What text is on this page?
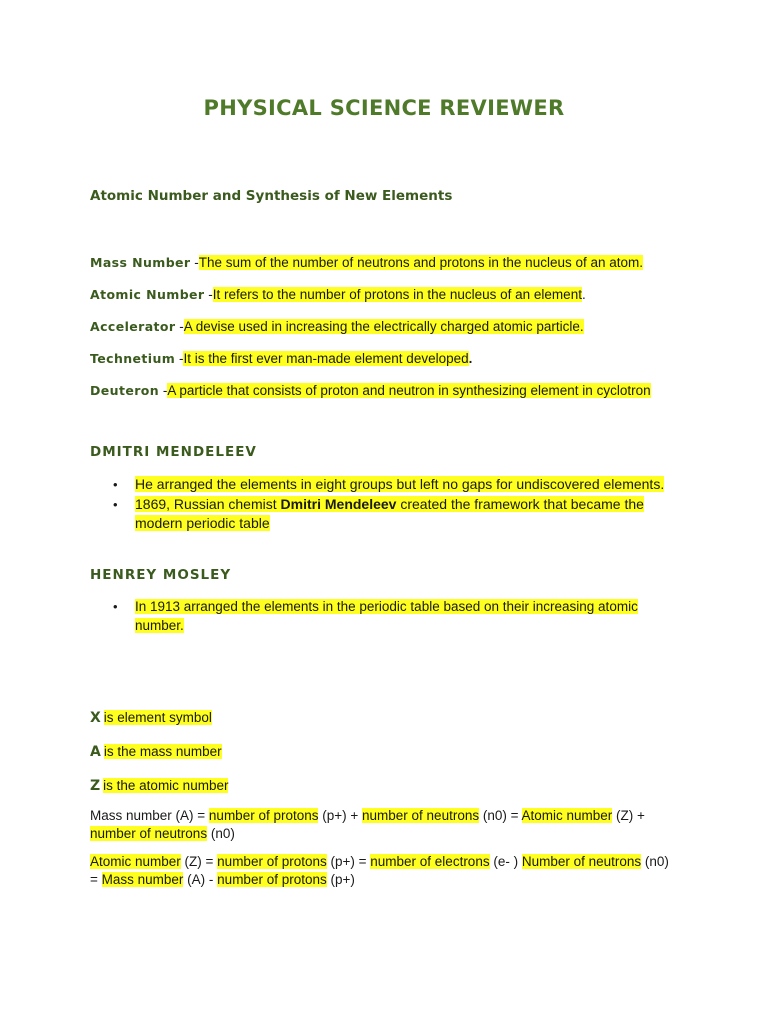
PHYSICAL SCIENCE REVIEWER
Atomic Number and Synthesis of New Elements

Mass Number -The sum of the number of neutrons and protons in the nucleus of an atom.

Atomic Number -It refers to the number of protons in the nucleus of an element.

Accelerator -A devise used in increasing the electrically charged atomic particle.

Technetium -It is the first ever man-made element developed.

Deuteron -A particle that consists of proton and neutron in synthesizing element in cyclotron

DMITRI MENDELEEV
• He arranged the elements in eight groups but left no gaps for undiscovered elements.
• 1869, Russian chemist Dmitri Mendeleev created the framework that became the modern periodic table
HENREY MOSLEY
• In 1913 arranged the elements in the periodic table based on their increasing atomic number.

X is element symbol

A is the mass number

Z is the atomic number

Mass number (A) = number of protons (p+) + number of neutrons (n0) = Atomic number (Z) + number of neutrons (n0)

Atomic number (Z) = number of protons (p+) = number of electrons (e- ) Number of neutrons (n0) = Mass number (A) - number of protons (p+)
